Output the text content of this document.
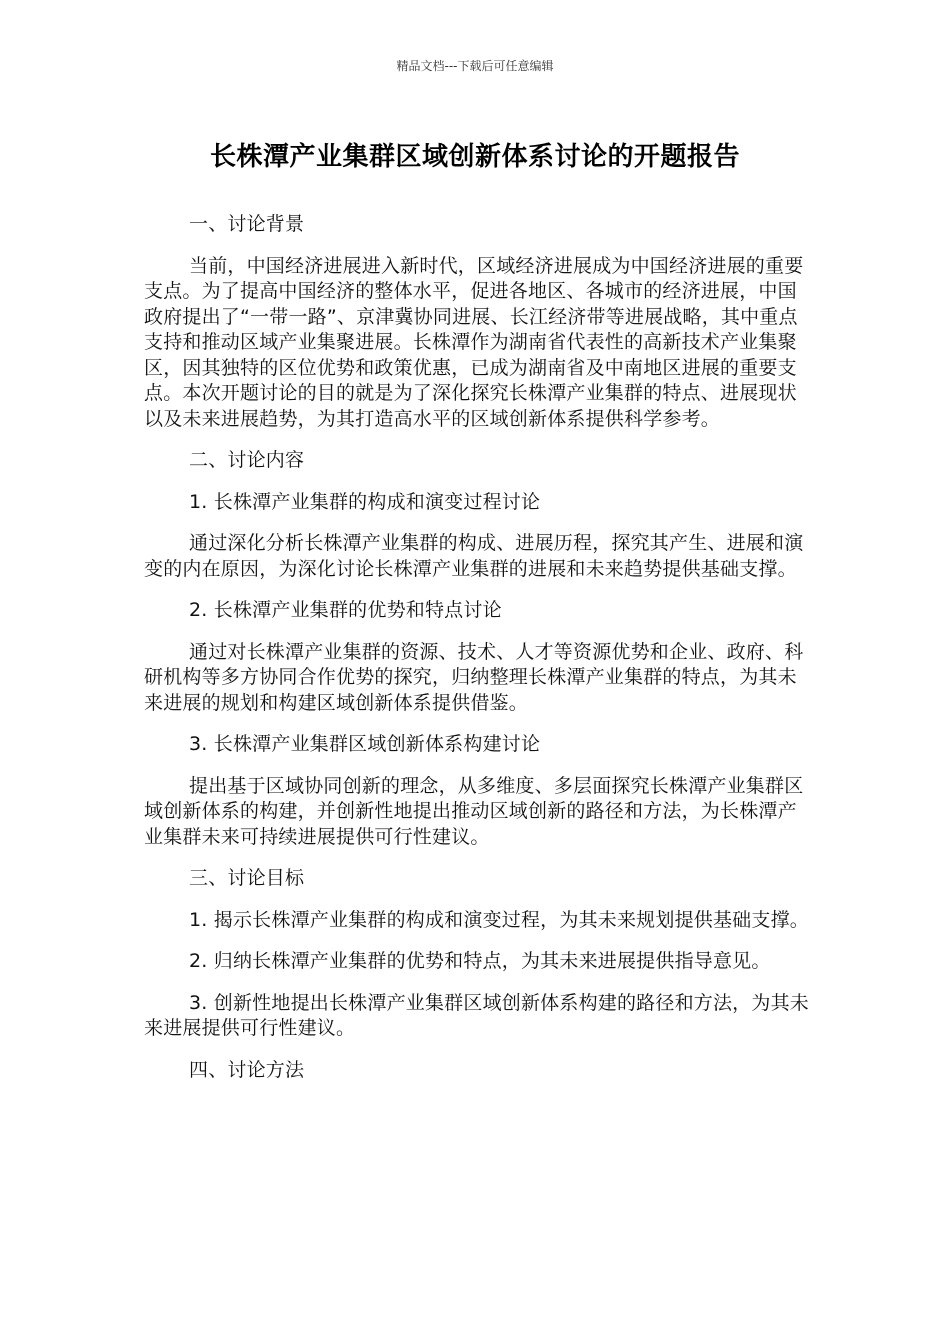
精品文档---下载后可任意编辑
长株潭产业集群区域创新体系讨论的开题报告

一、讨论背景

当前，中国经济进展进入新时代，区域经济进展成为中国经济进展的重要支点。为了提高中国经济的整体水平，促进各地区、各城市的经济进展，中国政府提出了“一带一路”、京津冀协同进展、长江经济带等进展战略，其中重点支持和推动区域产业集聚进展。长株潭作为湖南省代表性的高新技术产业集聚区，因其独特的区位优势和政策优惠，已成为湖南省及中南地区进展的重要支点。本次开题讨论的目的就是为了深化探究长株潭产业集群的特点、进展现状以及未来进展趋势，为其打造高水平的区域创新体系提供科学参考。

二、讨论内容

1. 长株潭产业集群的构成和演变过程讨论

通过深化分析长株潭产业集群的构成、进展历程，探究其产生、进展和演变的内在原因，为深化讨论长株潭产业集群的进展和未来趋势提供基础支撑。

2. 长株潭产业集群的优势和特点讨论

通过对长株潭产业集群的资源、技术、人才等资源优势和企业、政府、科研机构等多方协同合作优势的探究，归纳整理长株潭产业集群的特点，为其未来进展的规划和构建区域创新体系提供借鉴。

3. 长株潭产业集群区域创新体系构建讨论

提出基于区域协同创新的理念，从多维度、多层面探究长株潭产业集群区域创新体系的构建，并创新性地提出推动区域创新的路径和方法，为长株潭产业集群未来可持续进展提供可行性建议。

三、讨论目标

1. 揭示长株潭产业集群的构成和演变过程，为其未来规划提供基础支撑。

2. 归纳长株潭产业集群的优势和特点，为其未来进展提供指导意见。

3. 创新性地提出长株潭产业集群区域创新体系构建的路径和方法，为其未来进展提供可行性建议。

四、讨论方法
